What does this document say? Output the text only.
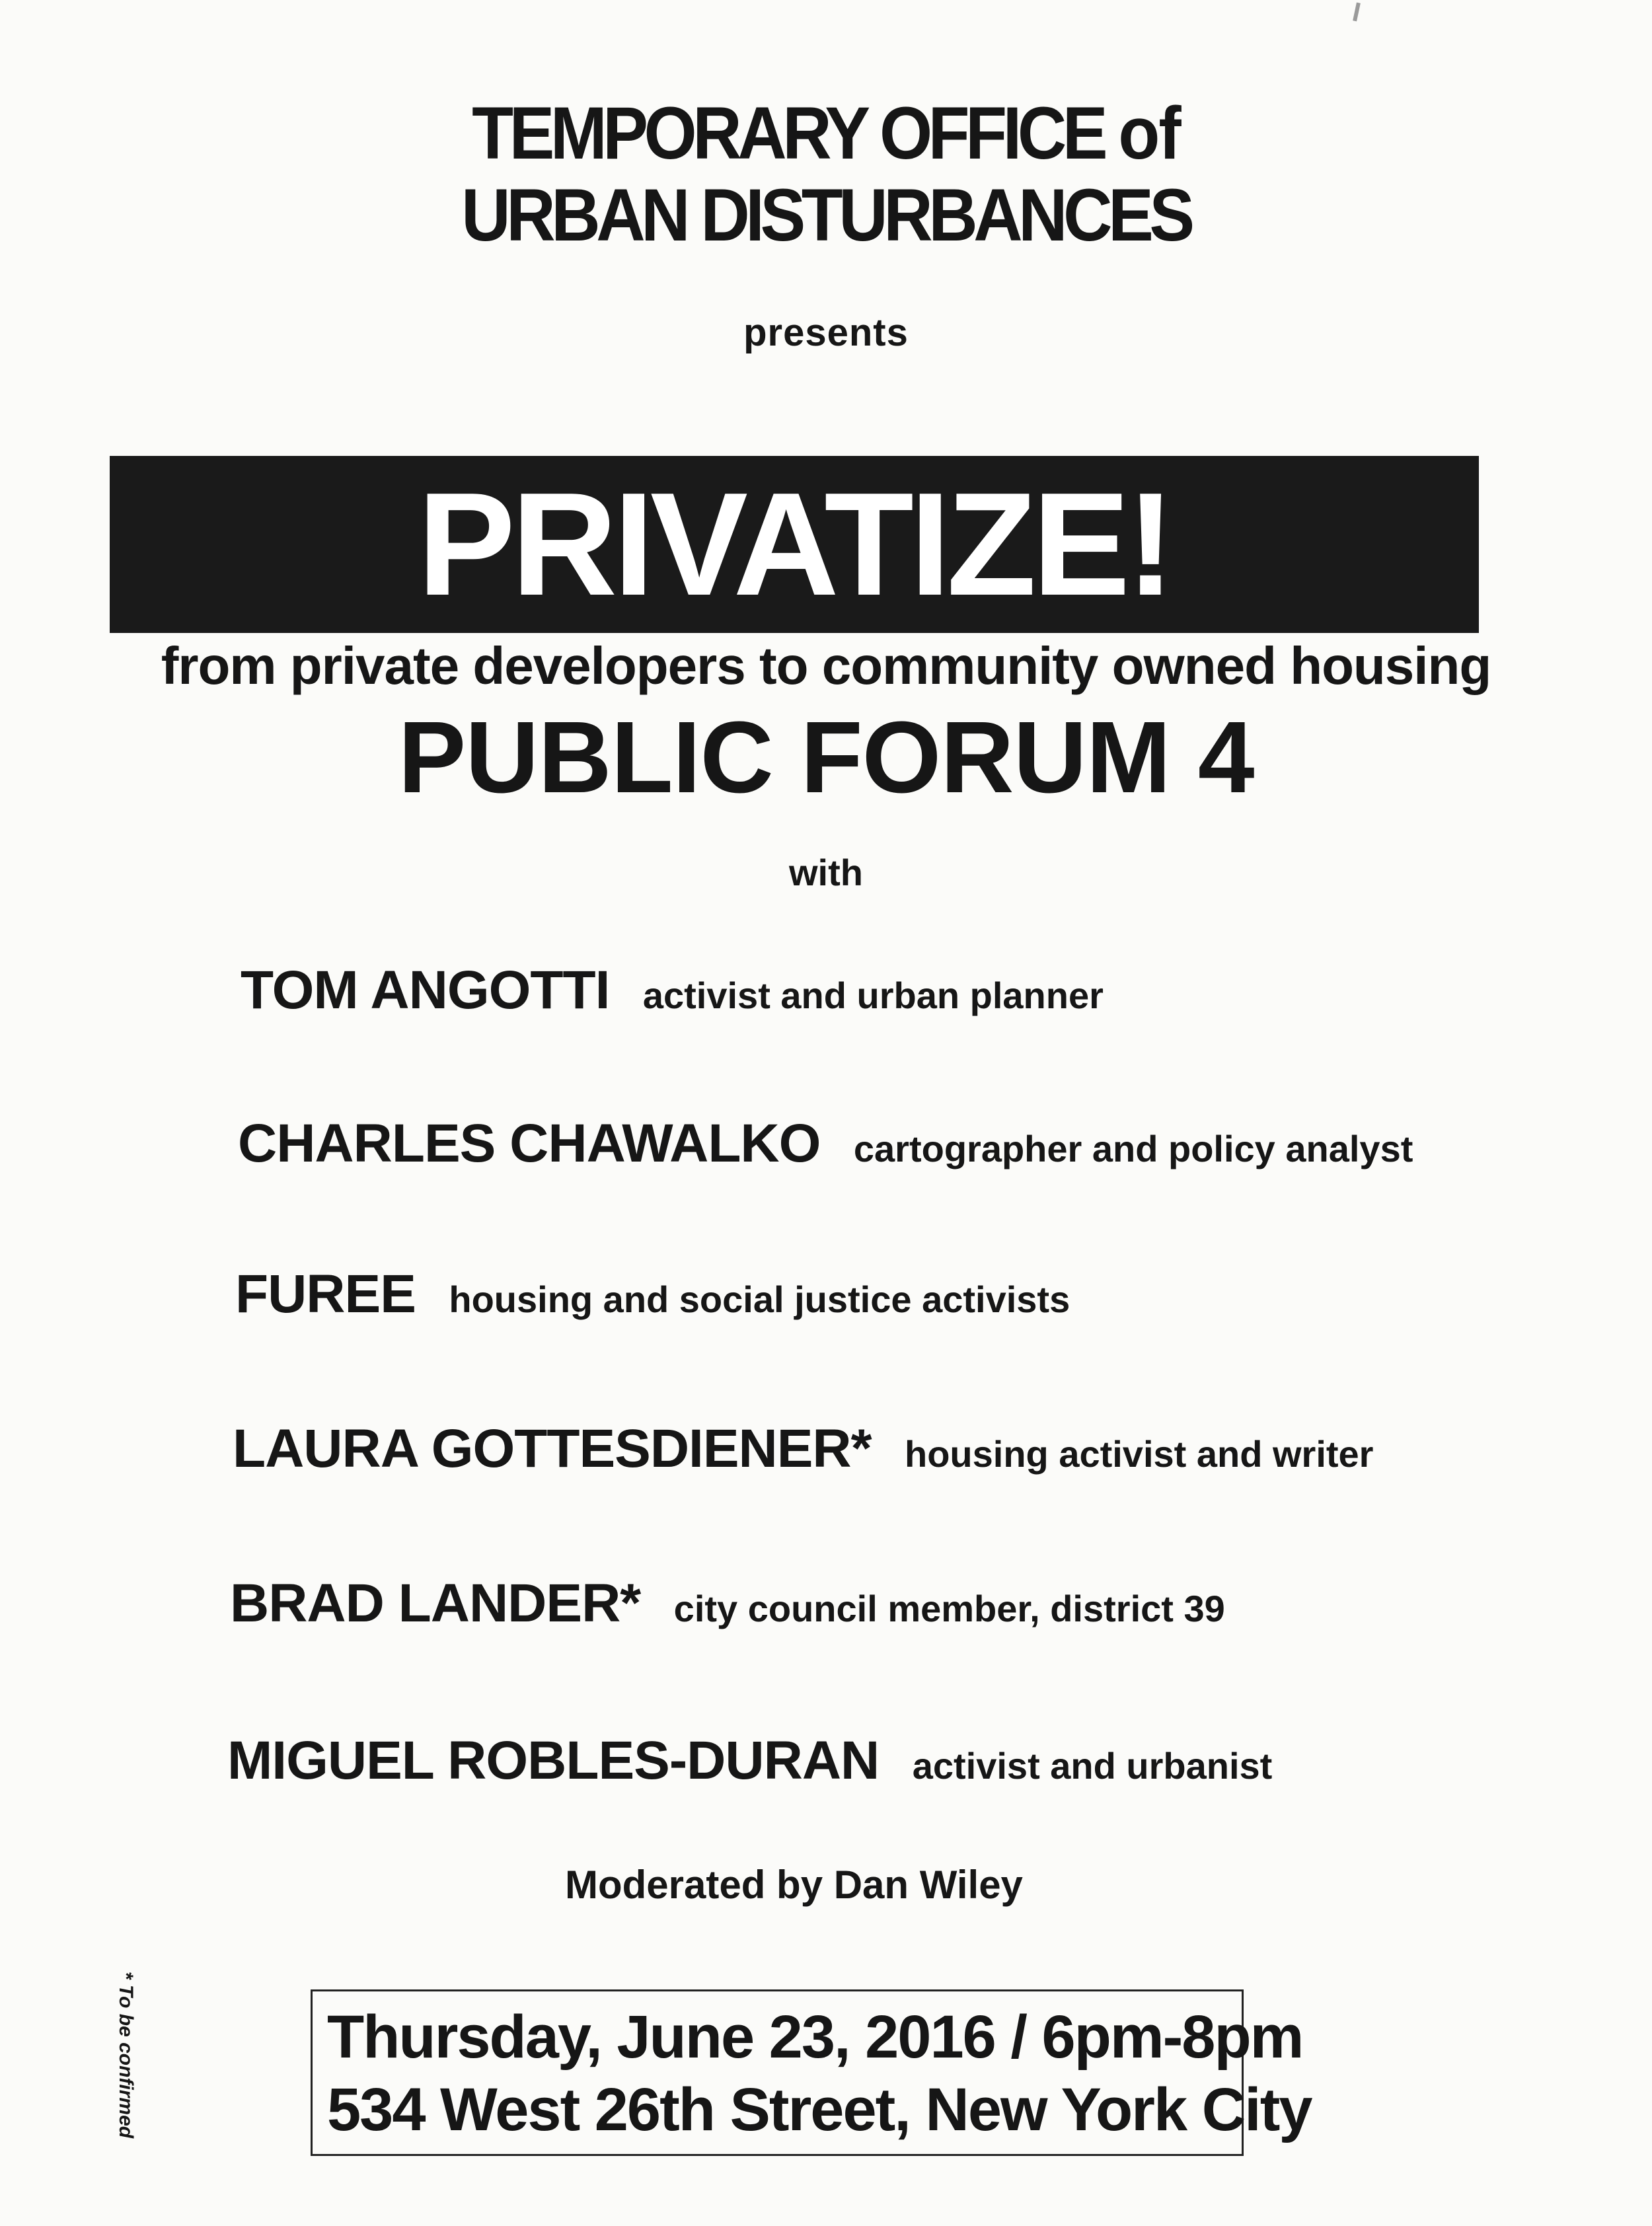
TEMPORARY OFFICE of
URBAN DISTURBANCES
presents
PRIVATIZE!
from private developers to community owned housing
PUBLIC FORUM 4
with
TOM ANGOTTI activist and urban planner
CHARLES CHAWALKO cartographer and policy analyst
FUREE housing and social justice activists
LAURA GOTTESDIENER* housing activist and writer
BRAD LANDER* city council member, district 39
MIGUEL ROBLES-DURAN activist and urbanist
Moderated by Dan Wiley
Thursday, June 23, 2016 / 6pm-8pm
534 West 26th Street, New York City
* To be confirmed
